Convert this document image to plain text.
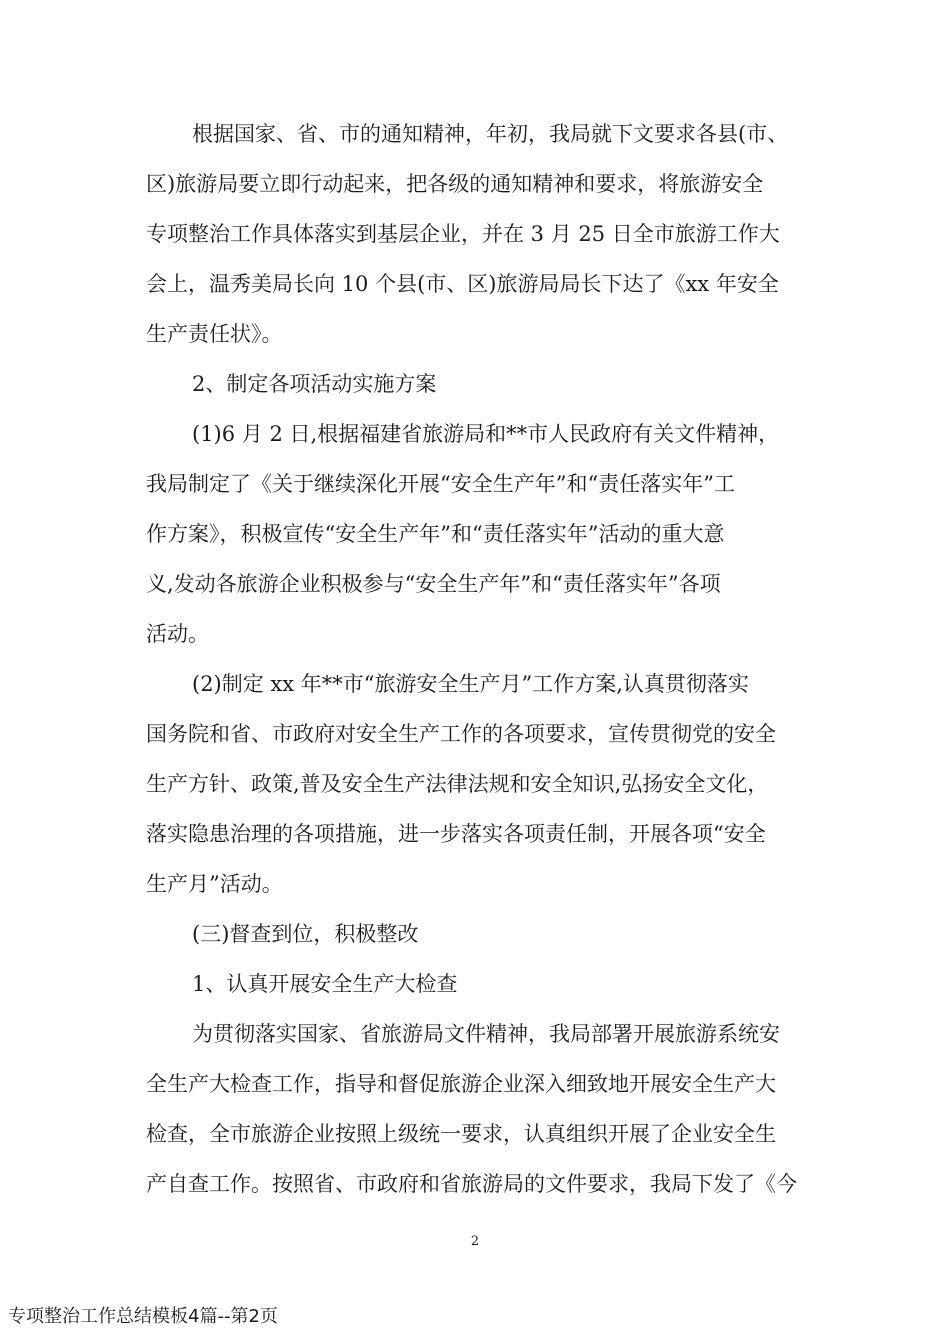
根据国家、省、市的通知精神，年初，我局就下文要求各县(市、
区)旅游局要立即行动起来，把各级的通知精神和要求，将旅游安全
专项整治工作具体落实到基层企业，并在 3 月 25 日全市旅游工作大
会上，温秀美局长向 10 个县(市、区)旅游局局长下达了《xx 年安全
生产责任状》。
2、制定各项活动实施方案
(1)6 月 2 日,根据福建省旅游局和**市人民政府有关文件精神，
我局制定了《关于继续深化开展“安全生产年”和“责任落实年”工
作方案》，积极宣传“安全生产年”和“责任落实年”活动的重大意
义,发动各旅游企业积极参与“安全生产年”和“责任落实年”各项
活动。
(2)制定 xx 年**市“旅游安全生产月”工作方案,认真贯彻落实
国务院和省、市政府对安全生产工作的各项要求，宣传贯彻党的安全
生产方针、政策,普及安全生产法律法规和安全知识,弘扬安全文化，
落实隐患治理的各项措施，进一步落实各项责任制，开展各项“安全
生产月”活动。
(三)督查到位，积极整改
1、认真开展安全生产大检查
为贯彻落实国家、省旅游局文件精神，我局部署开展旅游系统安
全生产大检查工作，指导和督促旅游企业深入细致地开展安全生产大
检查，全市旅游企业按照上级统一要求，认真组织开展了企业安全生
产自查工作。按照省、市政府和省旅游局的文件要求，我局下发了《今
2
专项整治工作总结模板4篇--第2页
